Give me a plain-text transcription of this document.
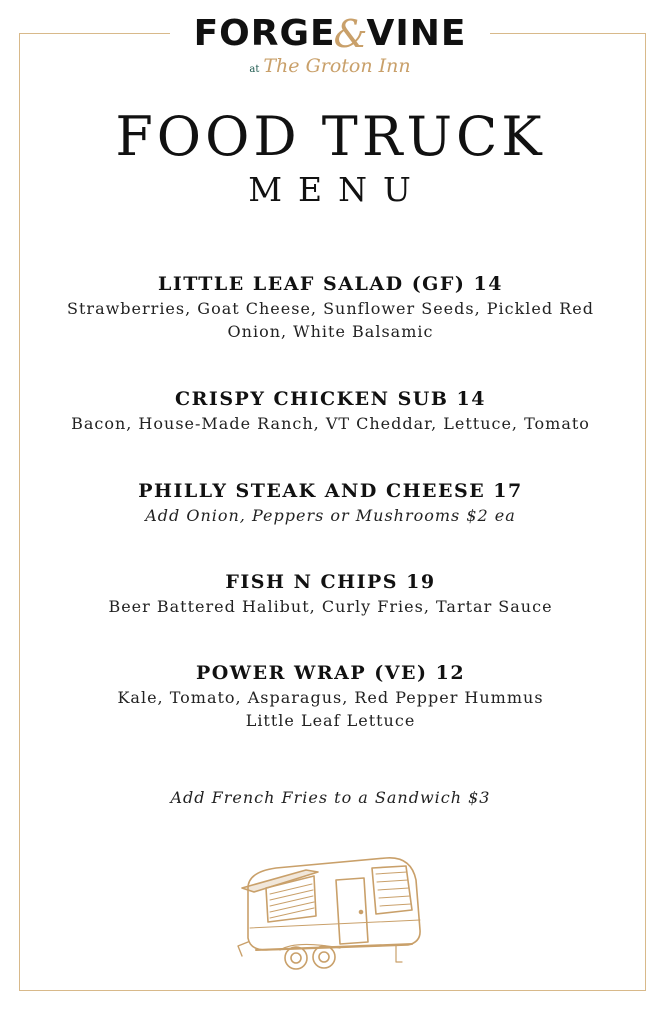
FORGE
&
VINE
at The Groton Inn
FOOD TRUCK
MENU
LITTLE LEAF SALAD (GF) 14
Strawberries, Goat Cheese, Sunflower Seeds, Pickled Red
Onion, White Balsamic
CRISPY CHICKEN SUB 14
Bacon, House-Made Ranch, VT Cheddar, Lettuce, Tomato
PHILLY STEAK AND CHEESE 17
Add Onion, Peppers or Mushrooms $2 ea
FISH N CHIPS 19
Beer Battered Halibut, Curly Fries, Tartar Sauce
POWER WRAP (VE) 12
Kale, Tomato, Asparagus, Red Pepper Hummus
Little Leaf Lettuce
Add French Fries to a Sandwich $3
